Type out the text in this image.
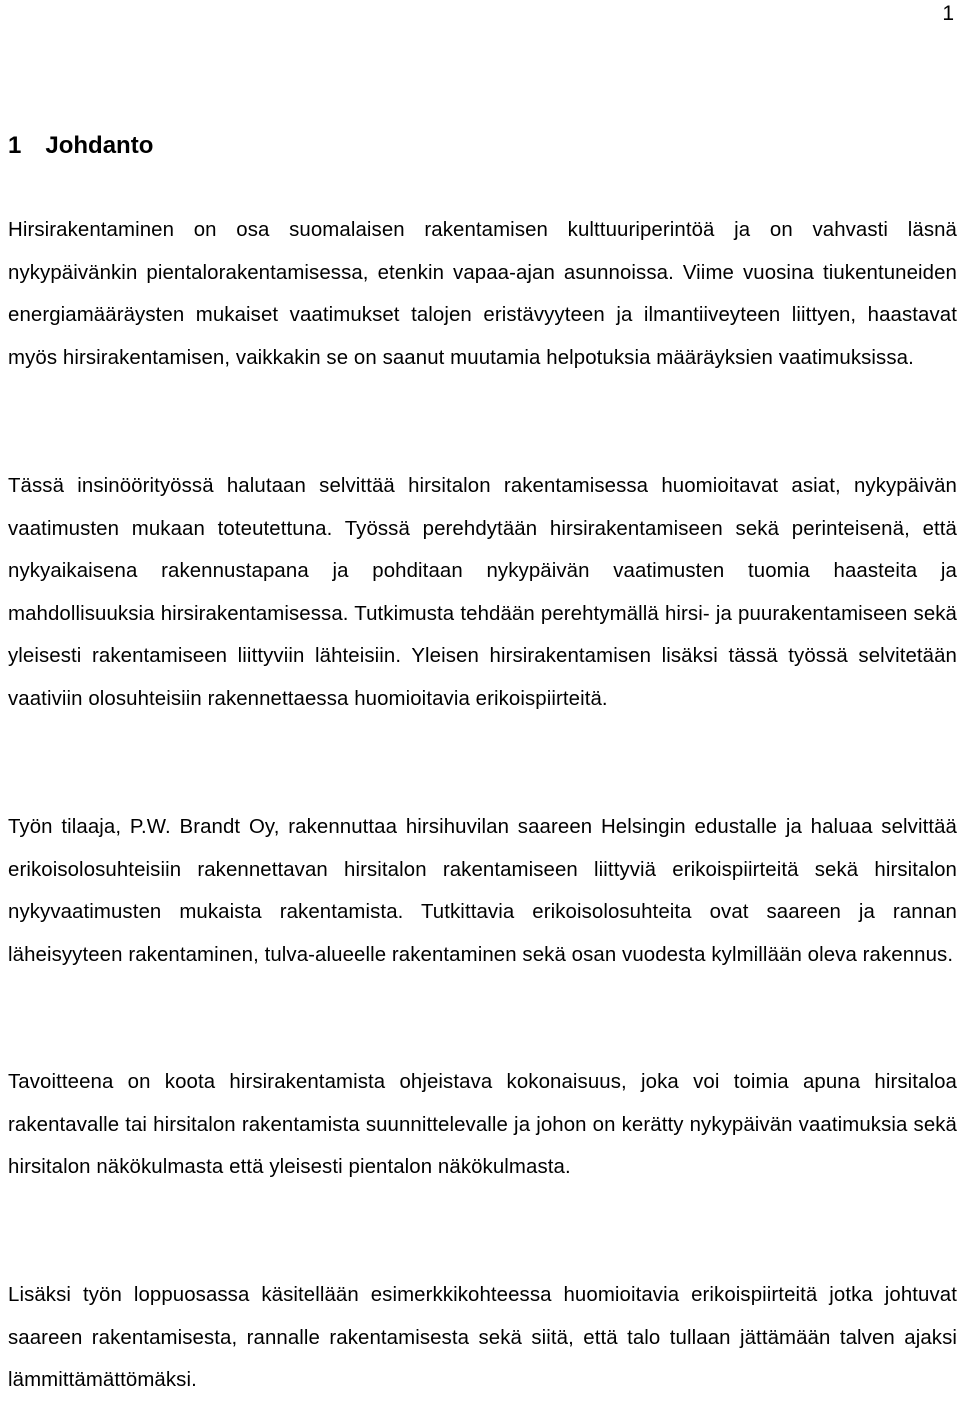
1
1 Johdanto

Hirsirakentaminen on osa suomalaisen rakentamisen kulttuuriperintöä ja on vahvasti läsnä nykypäivänkin pientalorakentamisessa, etenkin vapaa-ajan asunnoissa. Viime vuosina tiukentuneiden energiamääräysten mukaiset vaatimukset talojen eristävyyteen ja ilmantiiveyteen liittyen, haastavat myös hirsirakentamisen, vaikkakin se on saanut muutamia helpotuksia määräyksien vaatimuksissa.

Tässä insinöörityössä halutaan selvittää hirsitalon rakentamisessa huomioitavat asiat, nykypäivän vaatimusten mukaan toteutettuna. Työssä perehdytään hirsirakentamiseen sekä perinteisenä, että nykyaikaisena rakennustapana ja pohditaan nykypäivän vaatimusten tuomia haasteita ja mahdollisuuksia hirsirakentamisessa. Tutkimusta tehdään perehtymällä hirsi- ja puurakentamiseen sekä yleisesti rakentamiseen liittyviin lähteisiin. Yleisen hirsirakentamisen lisäksi tässä työssä selvitetään vaativiin olosuhteisiin rakennettaessa huomioitavia erikoispiirteitä.

Työn tilaaja, P.W. Brandt Oy, rakennuttaa hirsihuvilan saareen Helsingin edustalle ja haluaa selvittää erikoisolosuhteisiin rakennettavan hirsitalon rakentamiseen liittyviä erikoispiirteitä sekä hirsitalon nykyvaatimusten mukaista rakentamista. Tutkittavia erikoisolosuhteita ovat saareen ja rannan läheisyyteen rakentaminen, tulva-alueelle rakentaminen sekä osan vuodesta kylmillään oleva rakennus.

Tavoitteena on koota hirsirakentamista ohjeistava kokonaisuus, joka voi toimia apuna hirsitaloa rakentavalle tai hirsitalon rakentamista suunnittelevalle ja johon on kerätty nykypäivän vaatimuksia sekä hirsitalon näkökulmasta että yleisesti pientalon näkökulmasta.

Lisäksi työn loppuosassa käsitellään esimerkkikohteessa huomioitavia erikoispiirteitä jotka johtuvat saareen rakentamisesta, rannalle rakentamisesta sekä siitä, että talo tullaan jättämään talven ajaksi lämmittämättömäksi.
